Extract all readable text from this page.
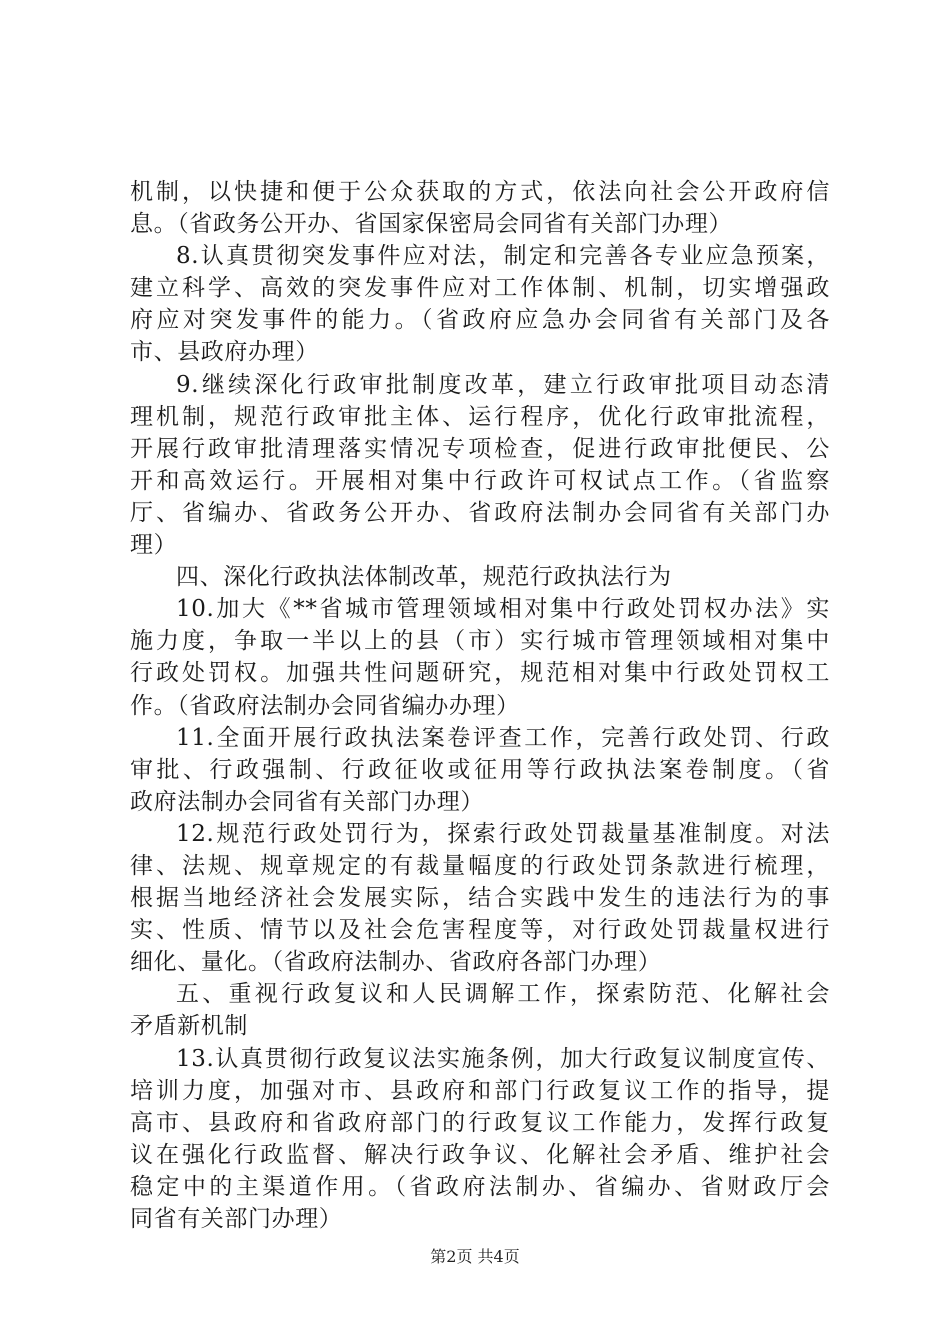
机制，以快捷和便于公众获取的方式，依法向社会公开政府信
息。（省政务公开办、省国家保密局会同省有关部门办理）
8.认真贯彻突发事件应对法，制定和完善各专业应急预案，
建立科学、高效的突发事件应对工作体制、机制，切实增强政
府应对突发事件的能力。（省政府应急办会同省有关部门及各
市、县政府办理）
9.继续深化行政审批制度改革，建立行政审批项目动态清
理机制，规范行政审批主体、运行程序，优化行政审批流程，
开展行政审批清理落实情况专项检查，促进行政审批便民、公
开和高效运行。开展相对集中行政许可权试点工作。（省监察
厅、省编办、省政务公开办、省政府法制办会同省有关部门办
理）
四、深化行政执法体制改革，规范行政执法行为
10.加大《**省城市管理领域相对集中行政处罚权办法》实
施力度，争取一半以上的县（市）实行城市管理领域相对集中
行政处罚权。加强共性问题研究，规范相对集中行政处罚权工
作。（省政府法制办会同省编办办理）
11.全面开展行政执法案卷评查工作，完善行政处罚、行政
审批、行政强制、行政征收或征用等行政执法案卷制度。（省
政府法制办会同省有关部门办理）
12.规范行政处罚行为，探索行政处罚裁量基准制度。对法
律、法规、规章规定的有裁量幅度的行政处罚条款进行梳理，
根据当地经济社会发展实际，结合实践中发生的违法行为的事
实、性质、情节以及社会危害程度等，对行政处罚裁量权进行
细化、量化。（省政府法制办、省政府各部门办理）
五、重视行政复议和人民调解工作，探索防范、化解社会
矛盾新机制
13.认真贯彻行政复议法实施条例，加大行政复议制度宣传、
培训力度，加强对市、县政府和部门行政复议工作的指导，提
高市、县政府和省政府部门的行政复议工作能力，发挥行政复
议在强化行政监督、解决行政争议、化解社会矛盾、维护社会
稳定中的主渠道作用。（省政府法制办、省编办、省财政厅会
同省有关部门办理）
第2页 共4页
